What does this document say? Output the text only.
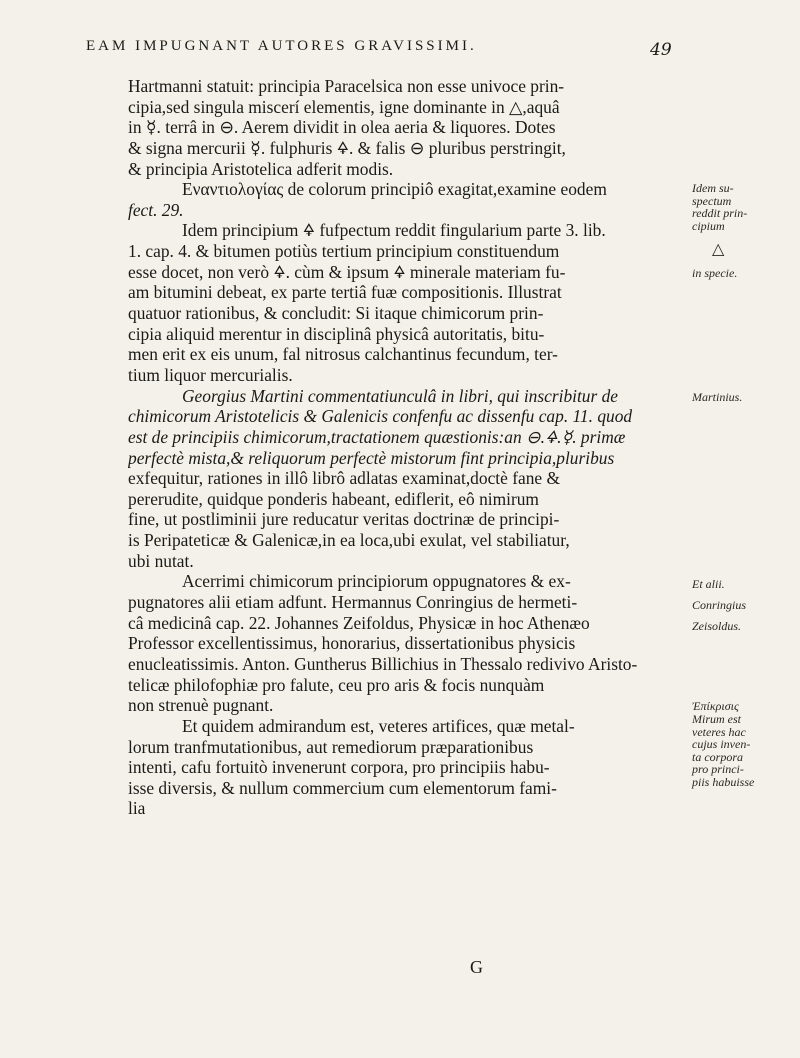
EAM IMPUGNANT AUTORES GRAVISSIMI.	49
Hartmanni statuit: principia Paracelsica non esse univoce prin-
cipia,sed singula miscerí elementis, igne dominante in △,aquâ
in ☿. terrâ in ⊖. Aerem dividit in olea aeria & liquores. Dotes
& signa mercurii ☿. fulphuris 🜍. & falis ⊖ pluribus perstringit,
& principia Aristotelica adferit modis.
Εναντιολογίας de colorum principiô exagitat,examine eodem
fect. 29.
Idem principium 🜍 fufpectum reddit fingularium parte 3. lib.
1. cap. 4. & bitumen potiùs tertium principium constituendum
esse docet, non verò 🜍. cùm & ipsum 🜍 minerale materiam fu-
am bitumini debeat, ex parte tertiâ fuæ compositionis. Illustrat
quatuor rationibus, & concludit: Si itaque chimicorum prin-
cipia aliquid merentur in disciplinâ physicâ autoritatis, bitu-
men erit ex eis unum, fal nitrosus calchantinus fecundum, ter-
tium liquor mercurialis.
Georgius Martini commentatiunculâ in libri, qui inscribitur de
chimicorum Aristotelicis & Galenicis confenfu ac dissenfu cap. 11. quod
est de principiis chimicorum,tractationem quæstionis:an ⊖.🜍.☿. primæ
perfectè mista,& reliquorum perfectè mistorum fint principia,pluribus
exfequitur, rationes in illô librô adlatas examinat,doctè fane &
pererudite, quidque ponderis habeant, ediflerit, eô nimirum
fine, ut postliminii jure reducatur veritas doctrinæ de principi-
is Peripateticæ & Galenicæ,in ea loca,ubi exulat, vel stabiliatur,
ubi nutat.
Acerrimi chimicorum principiorum oppugnatores & ex-
pugnatores alii etiam adfunt. Hermannus Conringius de hermeti-
câ medicinâ cap. 22. Johannes Zeifoldus, Physicæ in hoc Athenæo
Professor excellentissimus, honorarius, dissertationibus physicis
enucleatissimis. Anton. Guntherus Billichius in Thessalo redivivo Aristo-
telicæ philofophiæ pro falute, ceu pro aris & focis nunquàm
non strenuè pugnant.
Et quidem admirandum est, veteres artifices, quæ metal-
lorum tranfmutationibus, aut remediorum præparationibus
intenti, cafu fortuitò invenerunt corpora, pro principiis habu-
isse diversis, & nullum commercium cum elementorum fami-
lia
Idem su-
spectum
reddit prin-
cipium
△
in specie.
Martinius.
Et alii.
Conringius
Zeisoldus.
Ἐπίκρισις
Mirum est
veteres hac
cujus inven-
ta corpora
pro princi-
piis habuisse
G
